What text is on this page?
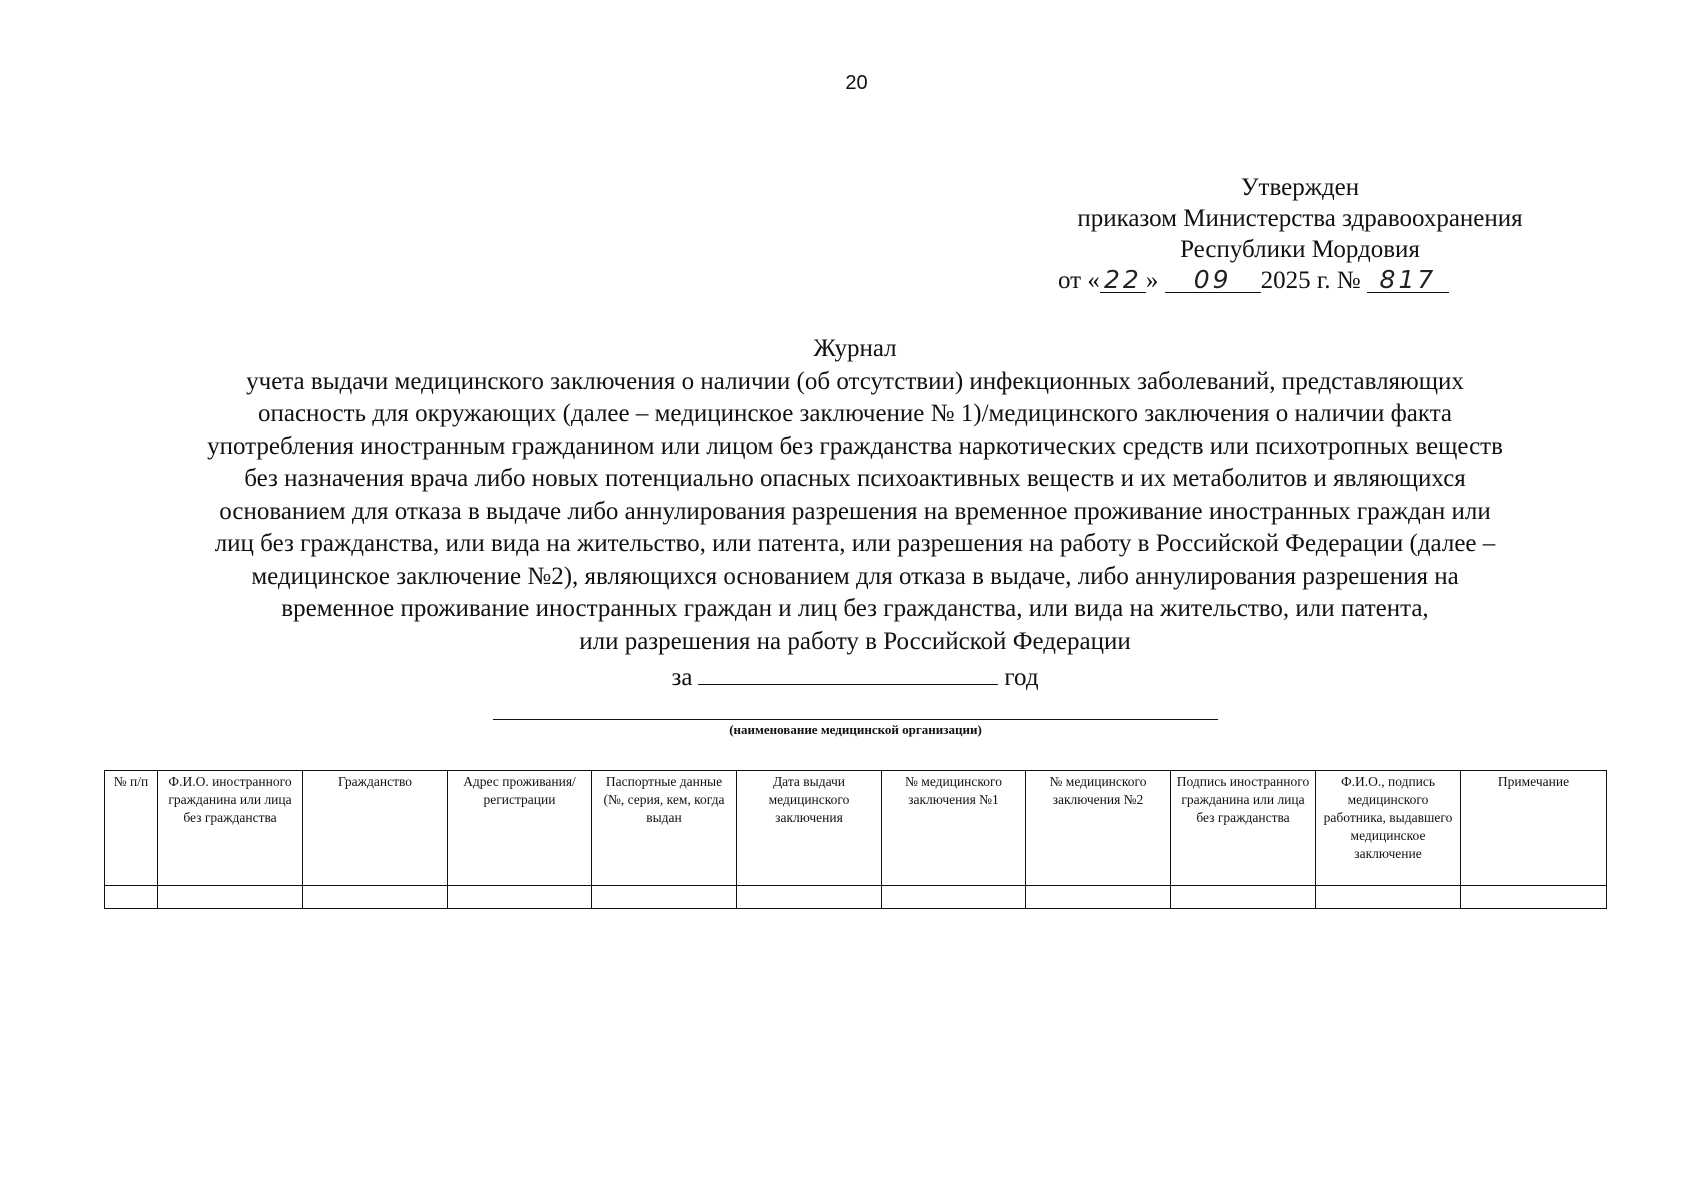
20
Утвержден
приказом Министерства здравоохранения
Республики Мордовия
от « 22 » 09 2025 г. № 817
Журнал
учета выдачи медицинского заключения о наличии (об отсутствии) инфекционных заболеваний, представляющих
опасность для окружающих (далее – медицинское заключение № 1)/медицинского заключения о наличии факта
употребления иностранным гражданином или лицом без гражданства наркотических средств или психотропных веществ
без назначения врача либо новых потенциально опасных психоактивных веществ и их метаболитов и являющихся
основанием для отказа в выдаче либо аннулирования разрешения на временное проживание иностранных граждан или
лиц без гражданства, или вида на жительство, или патента, или разрешения на работу в Российской Федерации (далее –
медицинское заключение №2), являющихся основанием для отказа в выдаче, либо аннулирования разрешения на
временное проживание иностранных граждан и лиц без гражданства, или вида на жительство, или патента,
или разрешения на работу в Российской Федерации
за	год
(наименование медицинской организации)
№ п/п	Ф.И.О. иностранного гражданина или лица без гражданства	Гражданство	Адрес проживания/ регистрации	Паспортные данные (№, серия, кем, когда выдан	Дата выдачи медицинского заключения	№ медицинского заключения №1	№ медицинского заключения №2	Подпись иностранного гражданина или лица без гражданства	Ф.И.О., подпись медицинского работника, выдавшего медицинское заключение	Примечание
